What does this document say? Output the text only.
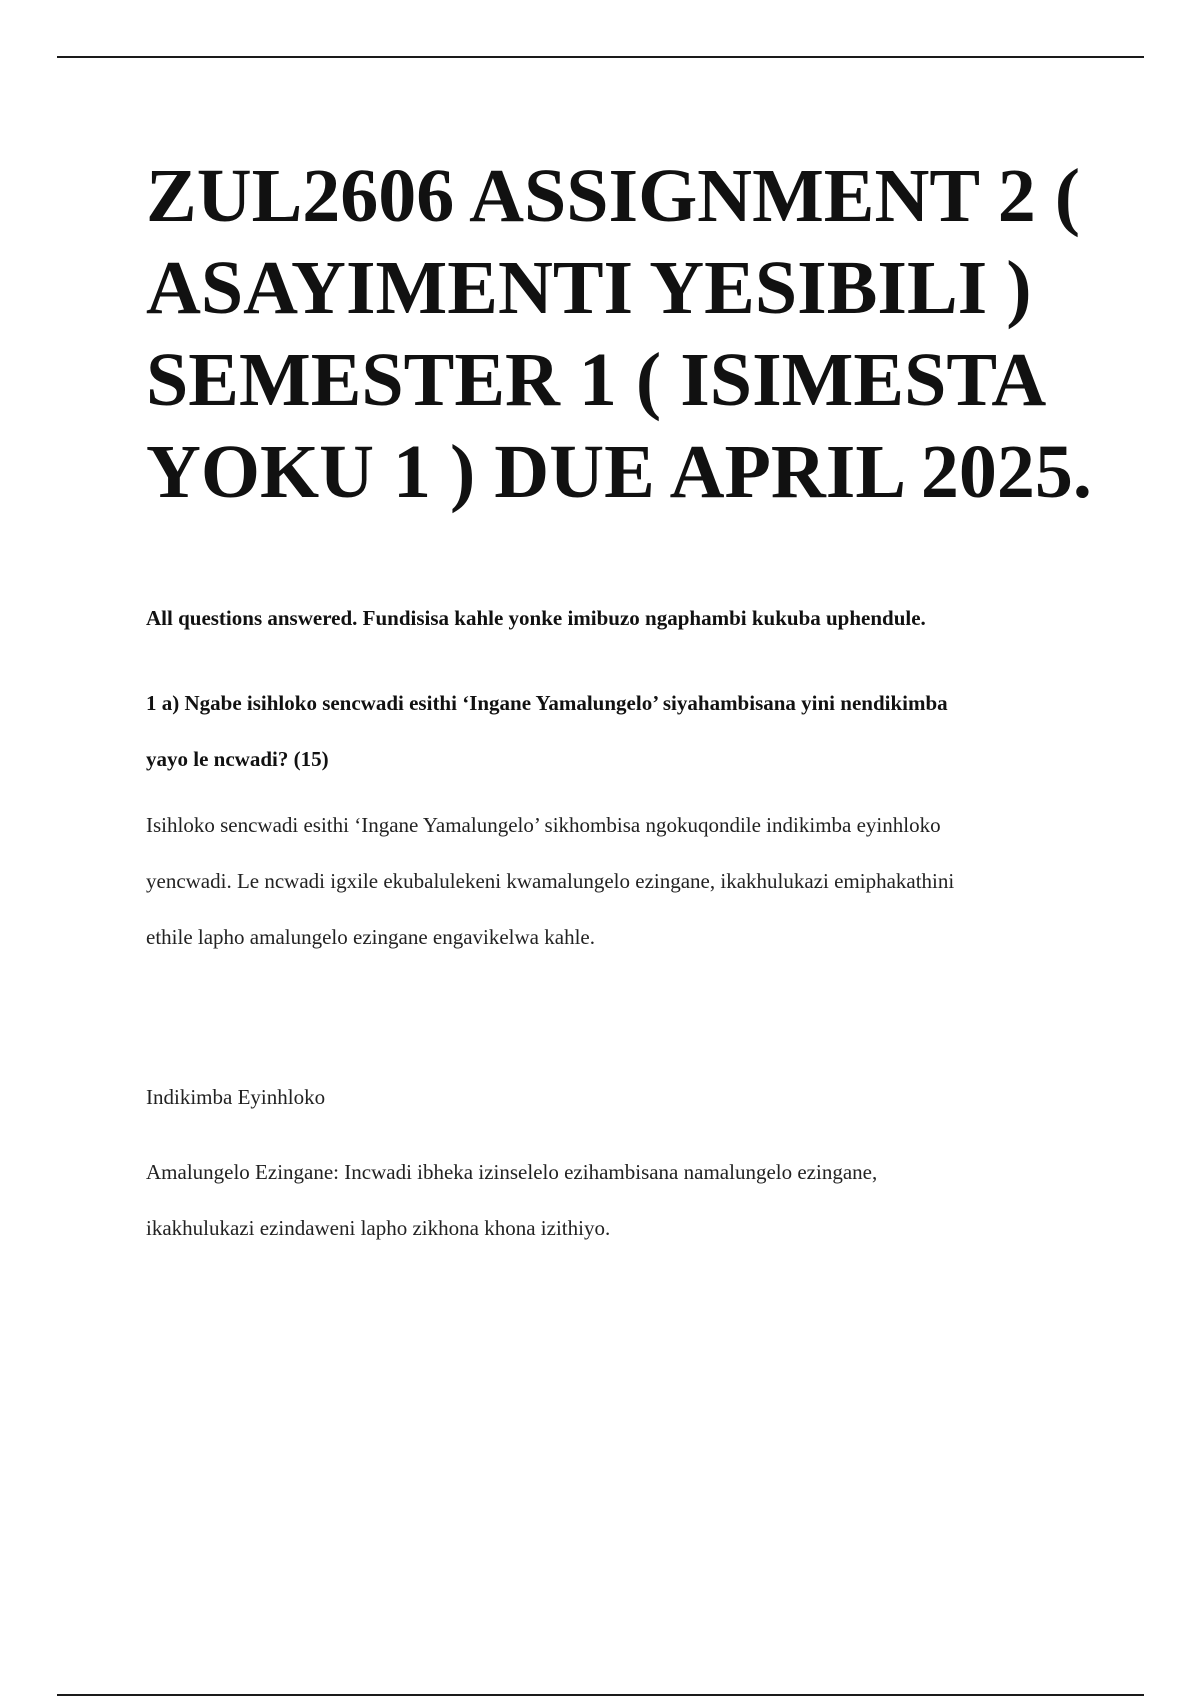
ZUL2606 ASSIGNMENT 2 (
ASAYIMENTI YESIBILI )
SEMESTER 1 ( ISIMESTA
YOKU 1 ) DUE APRIL 2025.

All questions answered. Fundisisa kahle yonke imibuzo ngaphambi kukuba uphendule.

1 a) Ngabe isihloko sencwadi esithi ‘Ingane Yamalungelo’ siyahambisana yini nendikimba
yayo le ncwadi? (15)

Isihloko sencwadi esithi ‘Ingane Yamalungelo’ sikhombisa ngokuqondile indikimba eyinhloko
yencwadi. Le ncwadi igxile ekubalulekeni kwamalungelo ezingane, ikakhulukazi emiphakathini
ethile lapho amalungelo ezingane engavikelwa kahle.

Indikimba Eyinhloko

Amalungelo Ezingane: Incwadi ibheka izinselelo ezihambisana namalungelo ezingane,
ikakhulukazi ezindaweni lapho zikhona khona izithiyo.
